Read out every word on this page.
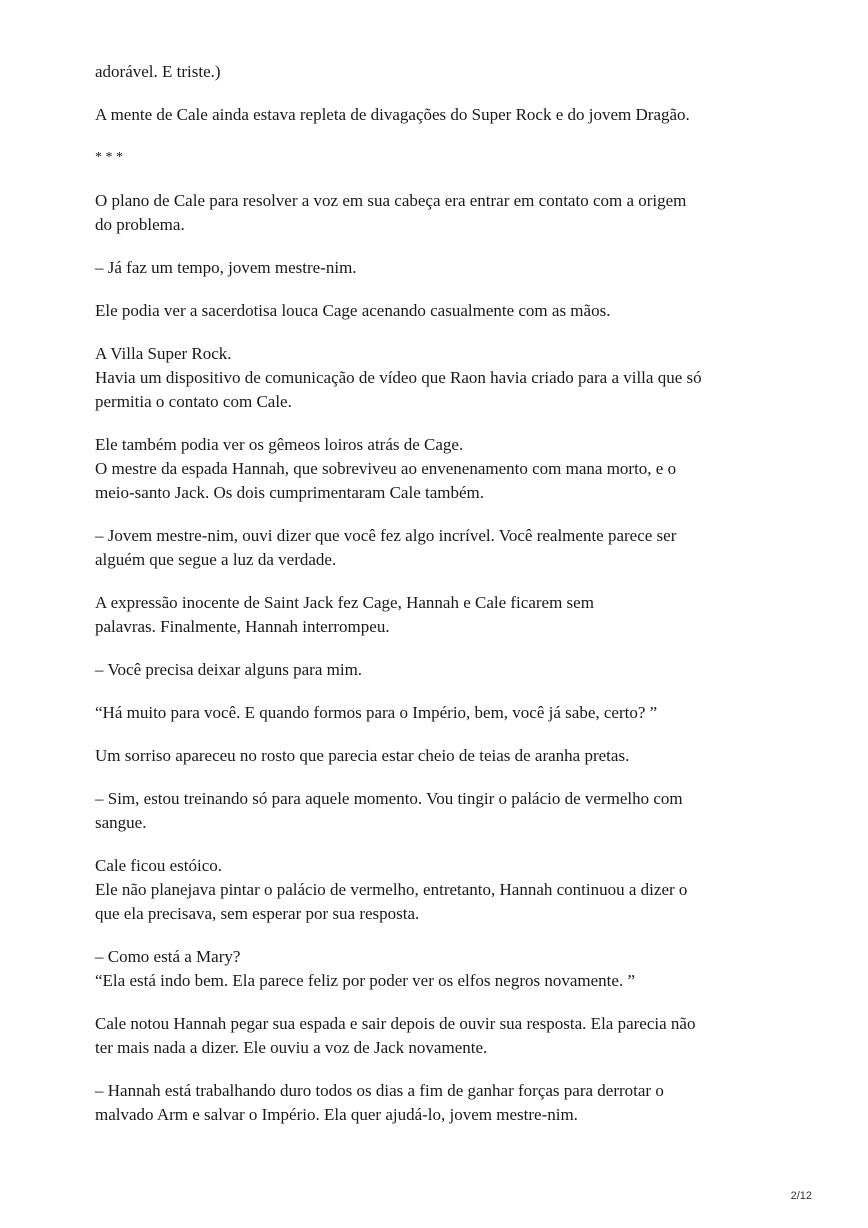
adorável. E triste.)

A mente de Cale ainda estava repleta de divagações do Super Rock e do jovem Dragão.

* * *

O plano de Cale para resolver a voz em sua cabeça era entrar em contato com a origem
do problema.

– Já faz um tempo, jovem mestre-nim.

Ele podia ver a sacerdotisa louca Cage acenando casualmente com as mãos.

A Villa Super Rock.
Havia um dispositivo de comunicação de vídeo que Raon havia criado para a villa que só
permitia o contato com Cale.

Ele também podia ver os gêmeos loiros atrás de Cage.
O mestre da espada Hannah, que sobreviveu ao envenenamento com mana morto, e o
meio-santo Jack. Os dois cumprimentaram Cale também.

– Jovem mestre-nim, ouvi dizer que você fez algo incrível. Você realmente parece ser
alguém que segue a luz da verdade.

A expressão inocente de Saint Jack fez Cage, Hannah e Cale ficarem sem
palavras. Finalmente, Hannah interrompeu.

– Você precisa deixar alguns para mim.

“Há muito para você. E quando formos para o Império, bem, você já sabe, certo? ”

Um sorriso apareceu no rosto que parecia estar cheio de teias de aranha pretas.

– Sim, estou treinando só para aquele momento. Vou tingir o palácio de vermelho com
sangue.

Cale ficou estóico.
Ele não planejava pintar o palácio de vermelho, entretanto, Hannah continuou a dizer o
que ela precisava, sem esperar por sua resposta.

– Como está a Mary?
“Ela está indo bem. Ela parece feliz por poder ver os elfos negros novamente. ”

Cale notou Hannah pegar sua espada e sair depois de ouvir sua resposta. Ela parecia não
ter mais nada a dizer. Ele ouviu a voz de Jack novamente.

– Hannah está trabalhando duro todos os dias a fim de ganhar forças para derrotar o
malvado Arm e salvar o Império. Ela quer ajudá-lo, jovem mestre-nim.

2/12
